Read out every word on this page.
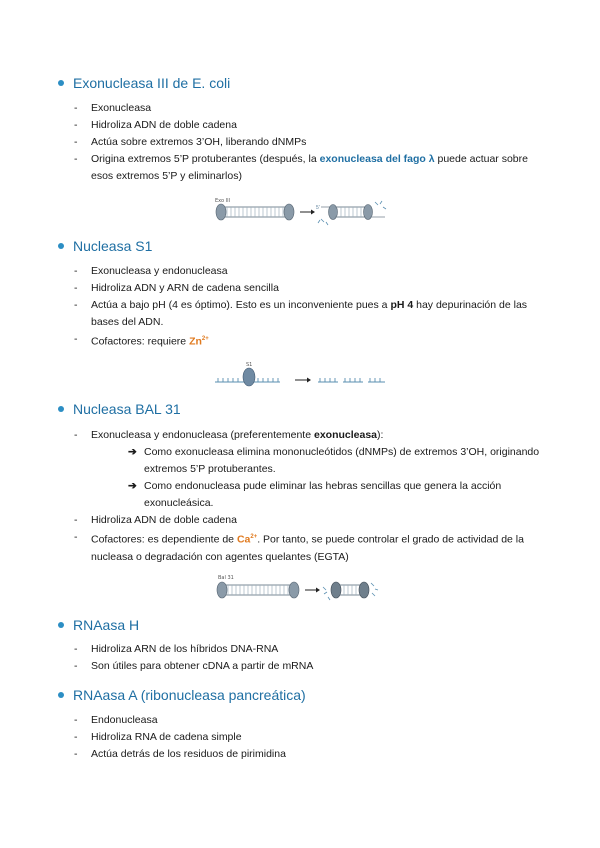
Exonucleasa III de E. coli
- Exonucleasa
- Hidroliza ADN de doble cadena
- Actúa sobre extremos 3’OH, liberando dNMPs
- Origina extremos 5’P protuberantes (después, la exonucleasa del fago λ puede actuar sobre esos extremos 5’P y eliminarlos)
Exo III
5'
Nucleasa S1
- Exonucleasa y endonucleasa
- Hidroliza ADN y ARN de cadena sencilla
- Actúa a bajo pH (4 es óptimo). Esto es un inconveniente pues a pH 4 hay depurinación de las bases del ADN.
- Cofactores: requiere $Zn^{2+}$
S1
Nucleasa BAL 31
- Exonucleasa y endonucleasa (preferentemente exonucleasa):
➔ Como exonucleasa elimina mononucleótidos (dNMPs) de extremos 3’OH, originando extremos 5’P protuberantes.
➔ Como endonucleasa pude eliminar las hebras sencillas que genera la acción exonucleásica.
- Hidroliza ADN de doble cadena
- Cofactores: es dependiente de $Ca^{2+}$. Por tanto, se puede controlar el grado de actividad de la nucleasa o degradación con agentes quelantes (EGTA)
Bal 31
RNAasa H
- Hidroliza ARN de los híbridos DNA-RNA
- Son útiles para obtener cDNA a partir de mRNA
RNAasa A (ribonucleasa pancreática)
- Endonucleasa
- Hidroliza RNA de cadena simple
- Actúa detrás de los residuos de pirimidina
